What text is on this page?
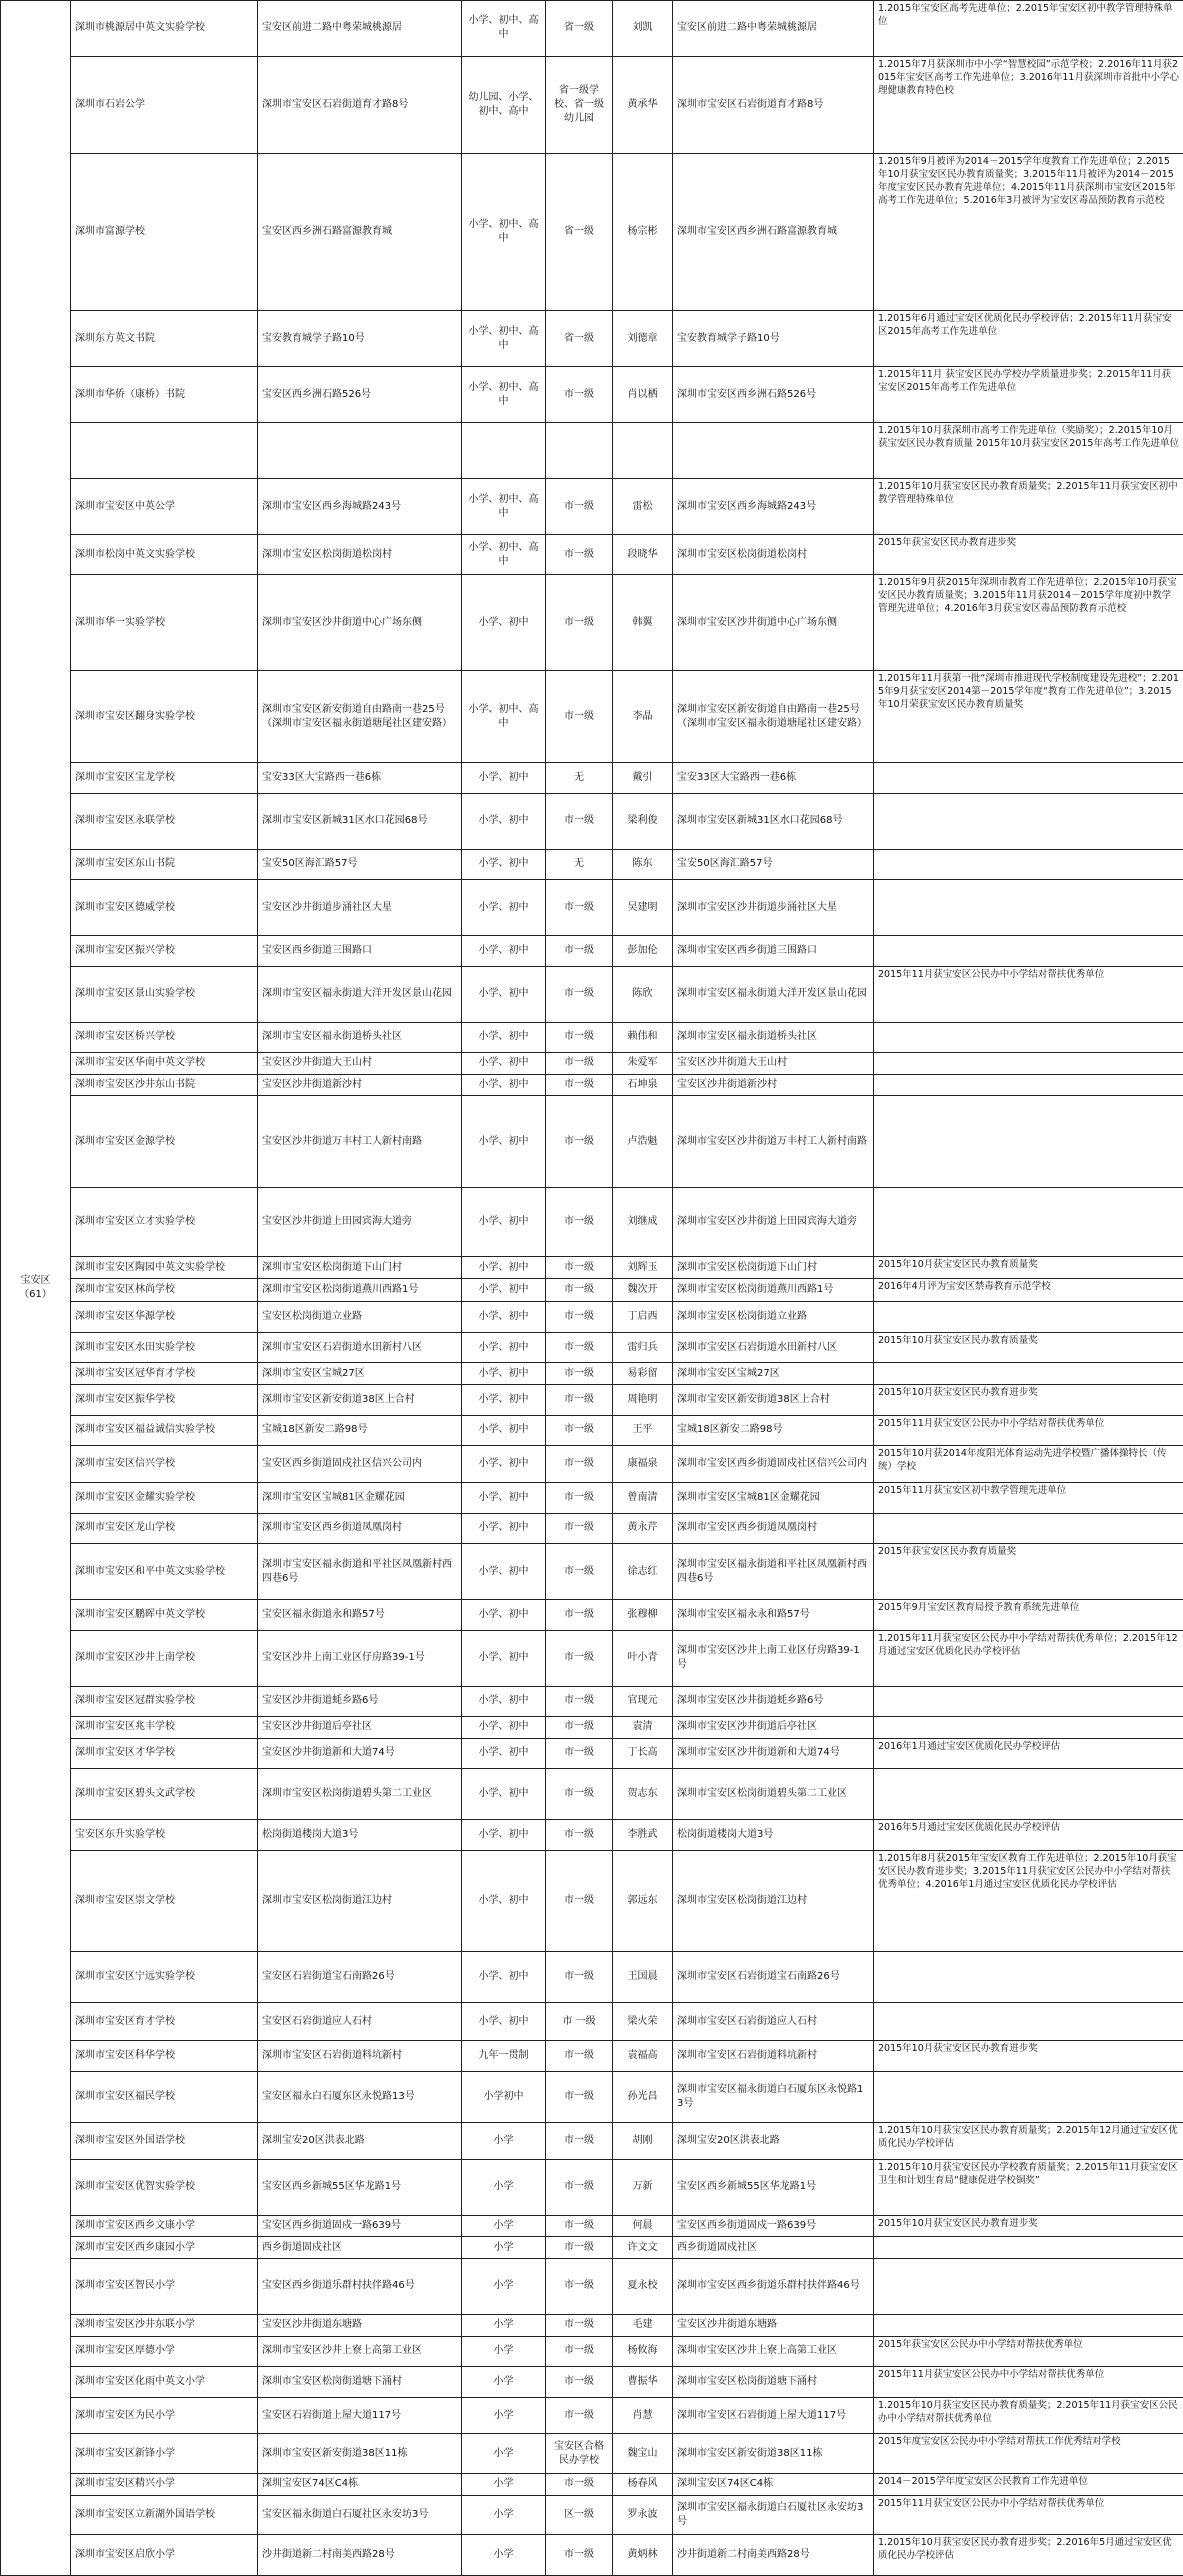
宝安区
（61）	深圳市桃源居中英文实验学校	宝安区前进二路中粤荣城桃源居	小学、初中、高中	省一级	刘凯	宝安区前进二路中粤荣城桃源居	1.2015年宝安区高考先进单位；2.2015年宝安区初中教学管理特殊单位
	深圳市石岩公学	深圳市宝安区石岩街道育才路8号	幼儿园、小学、初中、高中	省一级学校、省一级幼儿园	黄承华	深圳市宝安区石岩街道育才路8号	1.2015年7月获深圳市中小学“智慧校园”示范学校；2.2016年11月获2015年宝安区高考工作先进单位；3.2016年11月获深圳市首批中小学心理健康教育特色校
	深圳市富源学校	宝安区西乡洲石路富源教育城	小学、初中、高中	省一级	杨宗彬	深圳市宝安区西乡洲石路富源教育城	1.2015年9月被评为2014－2015学年度教育工作先进单位；2.2015年10月获宝安区民办教育质量奖；3.2015年11月被评为2014－2015年度宝安区民办教育先进单位；4.2015年11月获深圳市宝安区2015年高考工作先进单位；5.2016年3月被评为宝安区毒品预防教育示范校
	深圳东方英文书院	宝安教育城学子路10号	小学、初中、高中	省一级	刘德章	宝安教育城学子路10号	1.2015年6月通过宝安区优质化民办学校评估；2.2015年11月获宝安区2015年高考工作先进单位
	深圳市华侨（康桥）书院	宝安区西乡洲石路526号	小学、初中、高中	市一级	肖以栖	深圳市宝安区西乡洲石路526号	1.2015年11月 获宝安区民办学校办学质量进步奖；2.2015年11月获宝安区2015年高考工作先进单位
							1.2015年10月获深圳市高考工作先进单位（奖励奖）；2.2015年10月获宝安区民办教育质量 2015年10月获宝安区2015年高考工作先进单位
	深圳市宝安区中英公学	深圳市宝安区西乡海城路243号	小学、初中、高中	市一级	雷松	深圳市宝安区西乡海城路243号	1.2015年10月获宝安区民办教育质量奖；2.2015年11月获宝安区初中教学管理特殊单位
	深圳市松岗中英文实验学校	深圳市宝安区松岗街道松岗村	小学、初中、高中	市一级	段晓华	深圳市宝安区松岗街道松岗村	2015年获宝安区民办教育进步奖
	深圳市华一实验学校	深圳市宝安区沙井街道中心广场东侧	小学、初中	市一级	韩翼	深圳市宝安区沙井街道中心广场东侧	1.2015年9月获2015年深圳市教育工作先进单位；2.2015年10月获宝安区民办教育质量奖；3.2015年11月获2014－2015学年度初中教学管理先进单位；4.2016年3月获宝安区毒品预防教育示范校
	深圳市宝安区翻身实验学校	深圳市宝安区新安街道自由路南一巷25号（深圳市宝安区福永街道塘尾社区建安路）	小学、初中、高中	市一级	李晶	深圳市宝安区新安街道自由路南一巷25号（深圳市宝安区福永街道塘尾社区建安路）	1.2015年11月获第一批“深圳市推进现代学校制度建设先进校”；2.2015年9月获宝安区2014第－2015学年度“教育工作先进单位”；3.2015年10月荣获宝安区民办教育质量奖
	深圳市宝安区宝龙学校	宝安33区大宝路西一巷6栋	小学、初中	无	戴引	宝安33区大宝路西一巷6栋	
	深圳市宝安区永联学校	深圳市宝安区新城31区水口花园68号	小学、初中	市一级	梁利俊	深圳市宝安区新城31区水口花园68号	
	深圳市宝安区东山书院	宝安50区海汇路57号	小学、初中	无	陈东	宝安50区海汇路57号	
	深圳市宝安区德威学校	宝安区沙井街道步涌社区大星	小学、初中	市一级	吴建明	深圳市宝安区沙井街道步涌社区大星	
	深圳市宝安区振兴学校	宝安区西乡街道三围路口	小学、初中	市一级	彭加伦	深圳市宝安区西乡街道三围路口	
	深圳市宝安区景山实验学校	深圳市宝安区福永街道大洋开发区景山花园	小学、初中	市一级	陈欣	深圳市宝安区福永街道大洋开发区景山花园	2015年11月获宝安区公民办中小学结对帮扶优秀单位
	深圳市宝安区桥兴学校	深圳市宝安区福永街道桥头社区	小学、初中	市一级	赖伟和	深圳市宝安区福永街道桥头社区	
	深圳市宝安区华南中英文学校	宝安区沙井街道大王山村	小学、初中	市一级	朱爱军	宝安区沙井街道大王山村	
	深圳市宝安区沙井东山书院	宝安区沙井街道新沙村	小学、初中	市一级	石坤泉	宝安区沙井街道新沙村	
	深圳市宝安区金源学校	宝安区沙井街道万丰村工人新村南路	小学、初中	市一级	卢浩魁	深圳市宝安区沙井街道万丰村工人新村南路	
	深圳市宝安区立才实验学校	宝安区沙井街道上田园宾海大道旁	小学、初中	市一级	刘继成	深圳市宝安区沙井街道上田园宾海大道旁	
	深圳市宝安区陶园中英文实验学校	深圳市宝安区松岗街道下山门村	小学、初中	市一级	刘辉玉	深圳市宝安区松岗街道下山门村	2015年10月获宝安区民办教育质量奖
	深圳市宝安区林尚学校	深圳市宝安区松岗街道燕川西路1号	小学、初中	市一级	魏次开	深圳市宝安区松岗街道燕川西路1号	2016年4月评为宝安区禁毒教育示范学校
	深圳市宝安区华源学校	宝安区松岗街道立业路	小学、初中	市一级	丁启西	深圳市宝安区松岗街道立业路	
	深圳市宝安区水田实验学校	深圳市宝安区石岩街道水田新村八区	小学、初中	市一级	雷归兵	深圳市宝安区石岩街道水田新村八区	2015年10月获宝安区民办教育质量奖
	深圳市宝安区冠华育才学校	深圳市宝安区宝城27区	小学、初中	市一级	易彩留	深圳市宝安区宝城27区	
	深圳市宝安区振华学校	深圳市宝安区新安街道38区上合村	小学、初中	市一级	周艳明	深圳市宝安区新安街道38区上合村	2015年10月获宝安区民办教育进步奖
	深圳市宝安区福益诚信实验学校	宝城18区新安二路98号	小学、初中	市一级	王平	宝城18区新安二路98号	2015年11月获宝安区公民办中小学结对帮扶优秀单位
	深圳市宝安区信兴学校	宝安区西乡街道固戍社区信兴公司内	小学、初中	市一级	康福泉	深圳市宝安区西乡街道固戍社区信兴公司内	2015年10月获2014年度阳光体育运动先进学校暨广播体操特长（传统）学校
	深圳市宝安区金耀实验学校	深圳市宝安区宝城81区金耀花园	小学、初中	市一级	曾南清	深圳市宝安区宝城81区金耀花园	2015年11月获宝安区初中教学管理先进单位
	深圳市宝安区龙山学校	深圳市宝安区西乡街道凤凰岗村	小学、初中	市一级	黄永芹	深圳市宝安区西乡街道凤凰岗村	
	深圳市宝安区和平中英文实验学校	深圳市宝安区福永街道和平社区凤凰新村西四巷6号	小学、初中	市一级	徐志红	深圳市宝安区福永街道和平社区凤凰新村西四巷6号	2015年获宝安区民办教育质量奖
	深圳市宝安区鹏晖中英文学校	宝安区福永街道永和路57号	小学、初中	市一级	张穆柳	深圳市宝安区福永永和路57号	2015年9月宝安区教育局授予教育系统先进单位
	深圳市宝安区沙井上南学校	宝安区沙井上南工业区仔房路39-1号	小学、初中	市一级	叶小青	深圳市宝安区沙井上南工业区仔房路39-1号	1.2015年11月获宝安区公民办中小学结对帮扶优秀单位；2.2015年12月通过宝安区优质化民办学校评估
	深圳市宝安区冠群实验学校	宝安区沙井街道蚝乡路6号	小学、初中	市一级	官现元	深圳市宝安区沙井街道蚝乡路6号	
	深圳市宝安区兆丰学校	宝安区沙井街道后亭社区	小学、初中	市一级	袁清	深圳市宝安区沙井街道后亭社区	
	深圳市宝安区才华学校	宝安区沙井街道新和大道74号	小学、初中	市一级	丁长高	深圳市宝安区沙井街道新和大道74号	2016年1月通过宝安区优质化民办学校评估
	深圳市宝安区碧头文武学校	深圳市宝安区松岗街道碧头第二工业区	小学、初中	市一级	贺志东	深圳市宝安区松岗街道碧头第二工业区	
	宝安区东升实验学校	松岗街道楼岗大道3号	小学、初中	市一级	李胜武	松岗街道楼岗大道3号	2016年5月通过宝安区优质化民办学校评估
	深圳市宝安区崇文学校	深圳市宝安区松岗街道江边村	小学、初中	市一级	郭远东	深圳市宝安区松岗街道江边村	1.2015年8月获2015年宝安区教育工作先进单位；2.2015年10月获宝安区民办教育进步奖；3.2015年11月获宝安区公民办中小学结对帮扶优秀单位；4.2016年1月通过宝安区优质化民办学校评估
	深圳市宝安区宁远实验学校	宝安区石岩街道宝石南路26号	小学、初中	市一级	王国晨	深圳市宝安区石岩街道宝石南路26号	
	深圳市宝安区育才学校	宝安区石岩街道应人石村	小学、初中	市 一级	梁火荣	深圳市宝安区石岩街道应人石村	
	深圳市宝安区科华学校	深圳市宝安区石岩街道料坑新村	九年一贯制	市一级	袁福高	深圳市宝安区石岩街道料坑新村	2015年10月获宝安区民办教育进步奖
	深圳市宝安区福民学校	宝安区福永白石厦东区永悦路13号	小学初中	市一级	孙光昌	深圳市宝安区福永街道白石厦东区永悦路13号	
	深圳市宝安区外国语学校	深圳宝安20区洪表北路	小学	市一级	胡刚	深圳宝安20区洪表北路	1.2015年10月获宝安区民办教育质量奖；2.2015年12月通过宝安区优质化民办学校评估
	深圳市宝安区优智实验学校	宝安区西乡新城55区华龙路1号	小学	市一级	万新	宝安区西乡新城55区华龙路1号	1.2015年10月获宝安区民办学校教育质量奖；2.2015年11月获宝安区卫生和计划生育局“健康促进学校铜奖”
	深圳市宝安区西乡文康小学	宝安区西乡街道固戍一路639号	小学	市一级	何晨	宝安区西乡街道固戍一路639号	2015年10月获宝安区民办教育进步奖
	深圳市宝安区西乡康园小学	西乡街道固戍社区	小学	市一级	许文文	西乡街道固戍社区	
	深圳市宝安区智民小学	宝安区西乡街道乐群村扶伴路46号	小学	市一级	夏永校	深圳市宝安区西乡街道乐群村扶伴路46号	
	深圳市宝安区沙井东联小学	宝安区沙井街道东塘路	小学	市一级	毛建	宝安区沙井街道东塘路	
	深圳市宝安区厚德小学	深圳市宝安区沙井上寮上高第工业区	小学	市一级	杨攸海	深圳市宝安区沙井上寮上高第工业区	2015年获宝安区公民办中小学结对帮扶优秀单位
	深圳市宝安区化雨中英文小学	深圳市宝安区松岗街道塘下涌村	小学	市一级	曹振华	深圳市宝安区松岗街道塘下涌村	2015年11月获宝安区公民办中小学结对帮扶优秀单位
	深圳市宝安区为民小学	宝安区石岩街道上屋大道117号	小学	市一级	肖慧	深圳市宝安区石岩街道上屋大道117号	1.2015年10月获宝安区民办教育质量奖；2.2015年11月获宝安区公民办中小学结对帮扶优秀单位
	深圳市宝安区新锋小学	深圳市宝安区新安街道38区11栋	小学	宝安区合格民办学校	魏宝山	深圳市宝安区新安街道38区11栋	2015年度宝安区公民办中小学结对帮扶工作优秀结对学校
	深圳市宝安区精兴小学	深圳宝安区74区C4栋	小学	市一级	杨春风	深圳宝安区74区C4栋	2014－2015学年度宝安区公民教育工作先进单位
	深圳市宝安区立新湖外国语学校	宝安区福永街道白石厦社区永安坊3号	小学	区一级	罗永波	深圳市宝安区福永街道白石厦社区永安坊3号	2015年11月获宝安区公民办中小学结对帮扶优秀单位
	深圳市宝安区启欣小学	沙井街道新二村南美西路28号	小学	市一级	黄炳林	沙井街道新二村南美西路28号	1.2015年10月获宝安区民办教育进步奖；2.2016年5月通过宝安区优质化民办学校评估
